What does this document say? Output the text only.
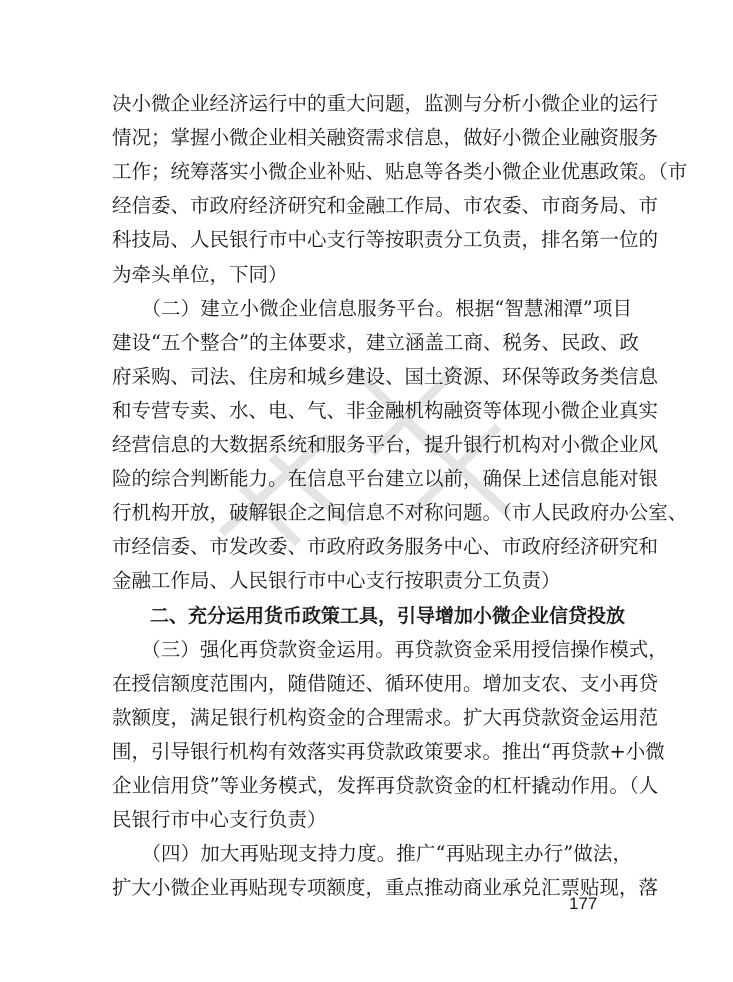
决小微企业经济运行中的重大问题，监测与分析小微企业的运行
情况；掌握小微企业相关融资需求信息，做好小微企业融资服务
工作；统筹落实小微企业补贴、贴息等各类小微企业优惠政策。（市
经信委、市政府经济研究和金融工作局、市农委、市商务局、市
科技局、人民银行市中心支行等按职责分工负责，排名第一位的
为牵头单位，下同）
　　（二）建立小微企业信息服务平台。根据“智慧湘潭”项目
建设“五个整合”的主体要求，建立涵盖工商、税务、民政、政
府采购、司法、住房和城乡建设、国土资源、环保等政务类信息
和专营专卖、水、电、气、非金融机构融资等体现小微企业真实
经营信息的大数据系统和服务平台，提升银行机构对小微企业风
险的综合判断能力。在信息平台建立以前，确保上述信息能对银
行机构开放，破解银企之间信息不对称问题。（市人民政府办公室、
市经信委、市发改委、市政府政务服务中心、市政府经济研究和
金融工作局、人民银行市中心支行按职责分工负责）
　　二、充分运用货币政策工具，引导增加小微企业信贷投放
　　（三）强化再贷款资金运用。再贷款资金采用授信操作模式，
在授信额度范围内，随借随还、循环使用。增加支农、支小再贷
款额度，满足银行机构资金的合理需求。扩大再贷款资金运用范
围，引导银行机构有效落实再贷款政策要求。推出“再贷款+小微
企业信用贷”等业务模式，发挥再贷款资金的杠杆撬动作用。（人
民银行市中心支行负责）
　　（四）加大再贴现支持力度。推广“再贴现主办行”做法，
177
扩大小微企业再贴现专项额度，重点推动商业承兑汇票贴现，落
